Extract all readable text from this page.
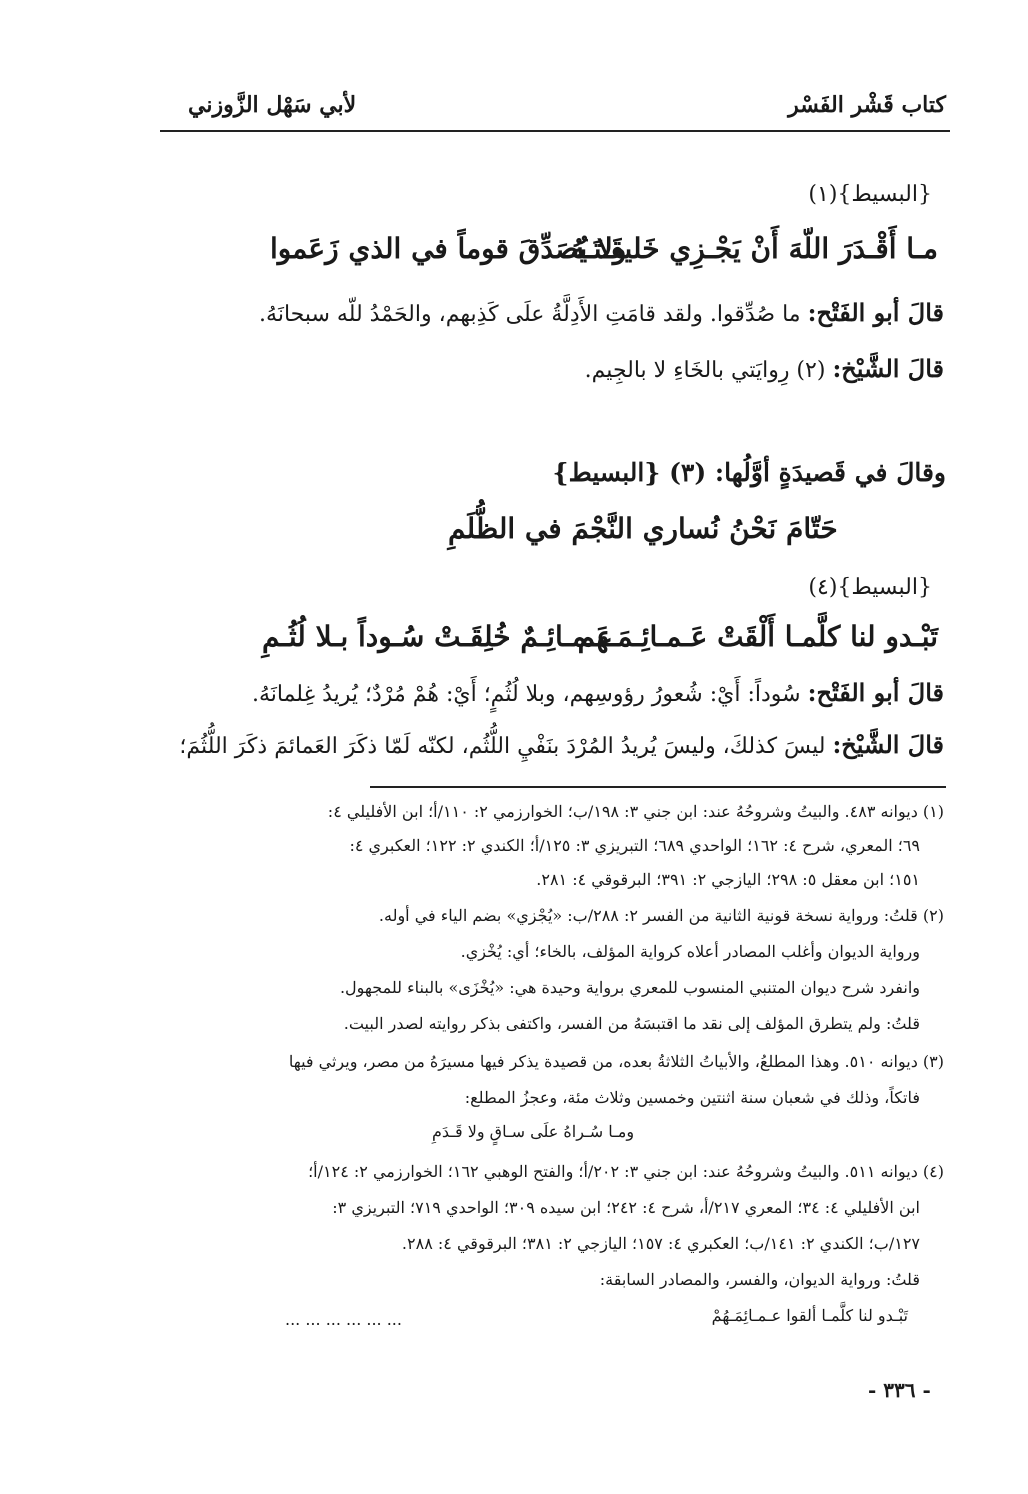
كتاب قَشْر الفَسْر
لأبي سَهْل الزَّوزني
{البسيط}(١)
مـا أَقْـدَرَ اللّهَ أَنْ يَجْـزِي خَليقَـتَـهُ
ولا يُصَدِّقَ قوماً في الذي زَعَموا
قالَ أبو الفَتْح: ما صُدِّقوا. ولقد قامَتِ الأَدِلَّةُ علَى كَذِبهم، والحَمْدُ للّه سبحانَهُ.
قالَ الشَّيْخ: (٢) رِوايَتي بالخَاءِ لا بالجِيم.
وقالَ في قَصيدَةٍ أوَّلُها: (٣) {البسيط}
حَتّامَ نَحْنُ نُساري النَّجْمَ في الظُّلَمِ
{البسيط}(٤)
تَبْـدو لنا كلَّمـا أَلْقَتْ عَـمـائِـمَـهم
عَـمـائِـمٌ خُلِقَـتْ سُـوداً بـلا لُثُـمِ
قالَ أبو الفَتْح: سُوداً: أَيْ: شُعورُ رؤوسِهم، وبلا لُثُمٍ؛ أَيْ: هُمْ مُرْدٌ؛ يُريدُ غِلمانَهُ.
قالَ الشَّيْخ: ليسَ كذلكَ، وليسَ يُريدُ المُرْدَ بنَفْيِ اللُّثُم، لكنّه لَمّا ذكَرَ العَمائمَ ذكَرَ اللُّثُمَ؛
(١) ديوانه ٤٨٣. والبيتُ وشروحُهُ عند: ابن جني ٣: ١٩٨/ب؛ الخوارزمي ٢: ١١٠/أ؛ ابن الأفليلي ٤:
٦٩؛ المعري، شرح ٤: ١٦٢؛ الواحدي ٦٨٩؛ التبريزي ٣: ١٢٥/أ؛ الكندي ٢: ١٢٢؛ العكبري ٤:
١٥١؛ ابن معقل ٥: ٢٩٨؛ اليازجي ٢: ٣٩١؛ البرقوقي ٤: ٢٨١.
(٢) قلتُ: ورواية نسخة قونية الثانية من الفسر ٢: ٢٨٨/ب: «يُجْزي» بضم الياء في أوله.
ورواية الديوان وأغلب المصادر أعلاه كرواية المؤلف، بالخاء؛ أي: يُخْزي.
وانفرد شرح ديوان المتنبي المنسوب للمعري برواية وحيدة هي: «يُخْزَى» بالبناء للمجهول.
قلتُ: ولم يتطرق المؤلف إلى نقد ما اقتبسَهُ من الفسر، واكتفى بذكر روايته لصدر البيت.
(٣) ديوانه ٥١٠. وهذا المطلعُ، والأبياتُ الثلاثةُ بعده، من قصيدة يذكر فيها مسيرَهُ من مصر، ويرثي فيها
فاتكاً، وذلك في شعبان سنة اثنتين وخمسين وثلاث مئة، وعجزُ المطلع:
ومـا سُـراهُ علَى سـاقٍ ولا قَـدَمِ
(٤) ديوانه ٥١١. والبيتُ وشروحُهُ عند: ابن جني ٣: ٢٠٢/أ؛ والفتح الوهبي ١٦٢؛ الخوارزمي ٢: ١٢٤/أ؛
ابن الأفليلي ٤: ٣٤؛ المعري ٢١٧/أ، شرح ٤: ٢٤٢؛ ابن سيده ٣٠٩؛ الواحدي ٧١٩؛ التبريزي ٣:
١٢٧/ب؛ الكندي ٢: ١٤١/ب؛ العكبري ٤: ١٥٧؛ اليازجي ٢: ٣٨١؛ البرقوقي ٤: ٢٨٨.
قلتُ: ورواية الديوان، والفسر، والمصادر السابقة:
تَبْـدو لنا كلَّمـا ألقوا عـمـائِمَـهُمْ
... ... ... ... ... ...
- ٣٣٦ -
